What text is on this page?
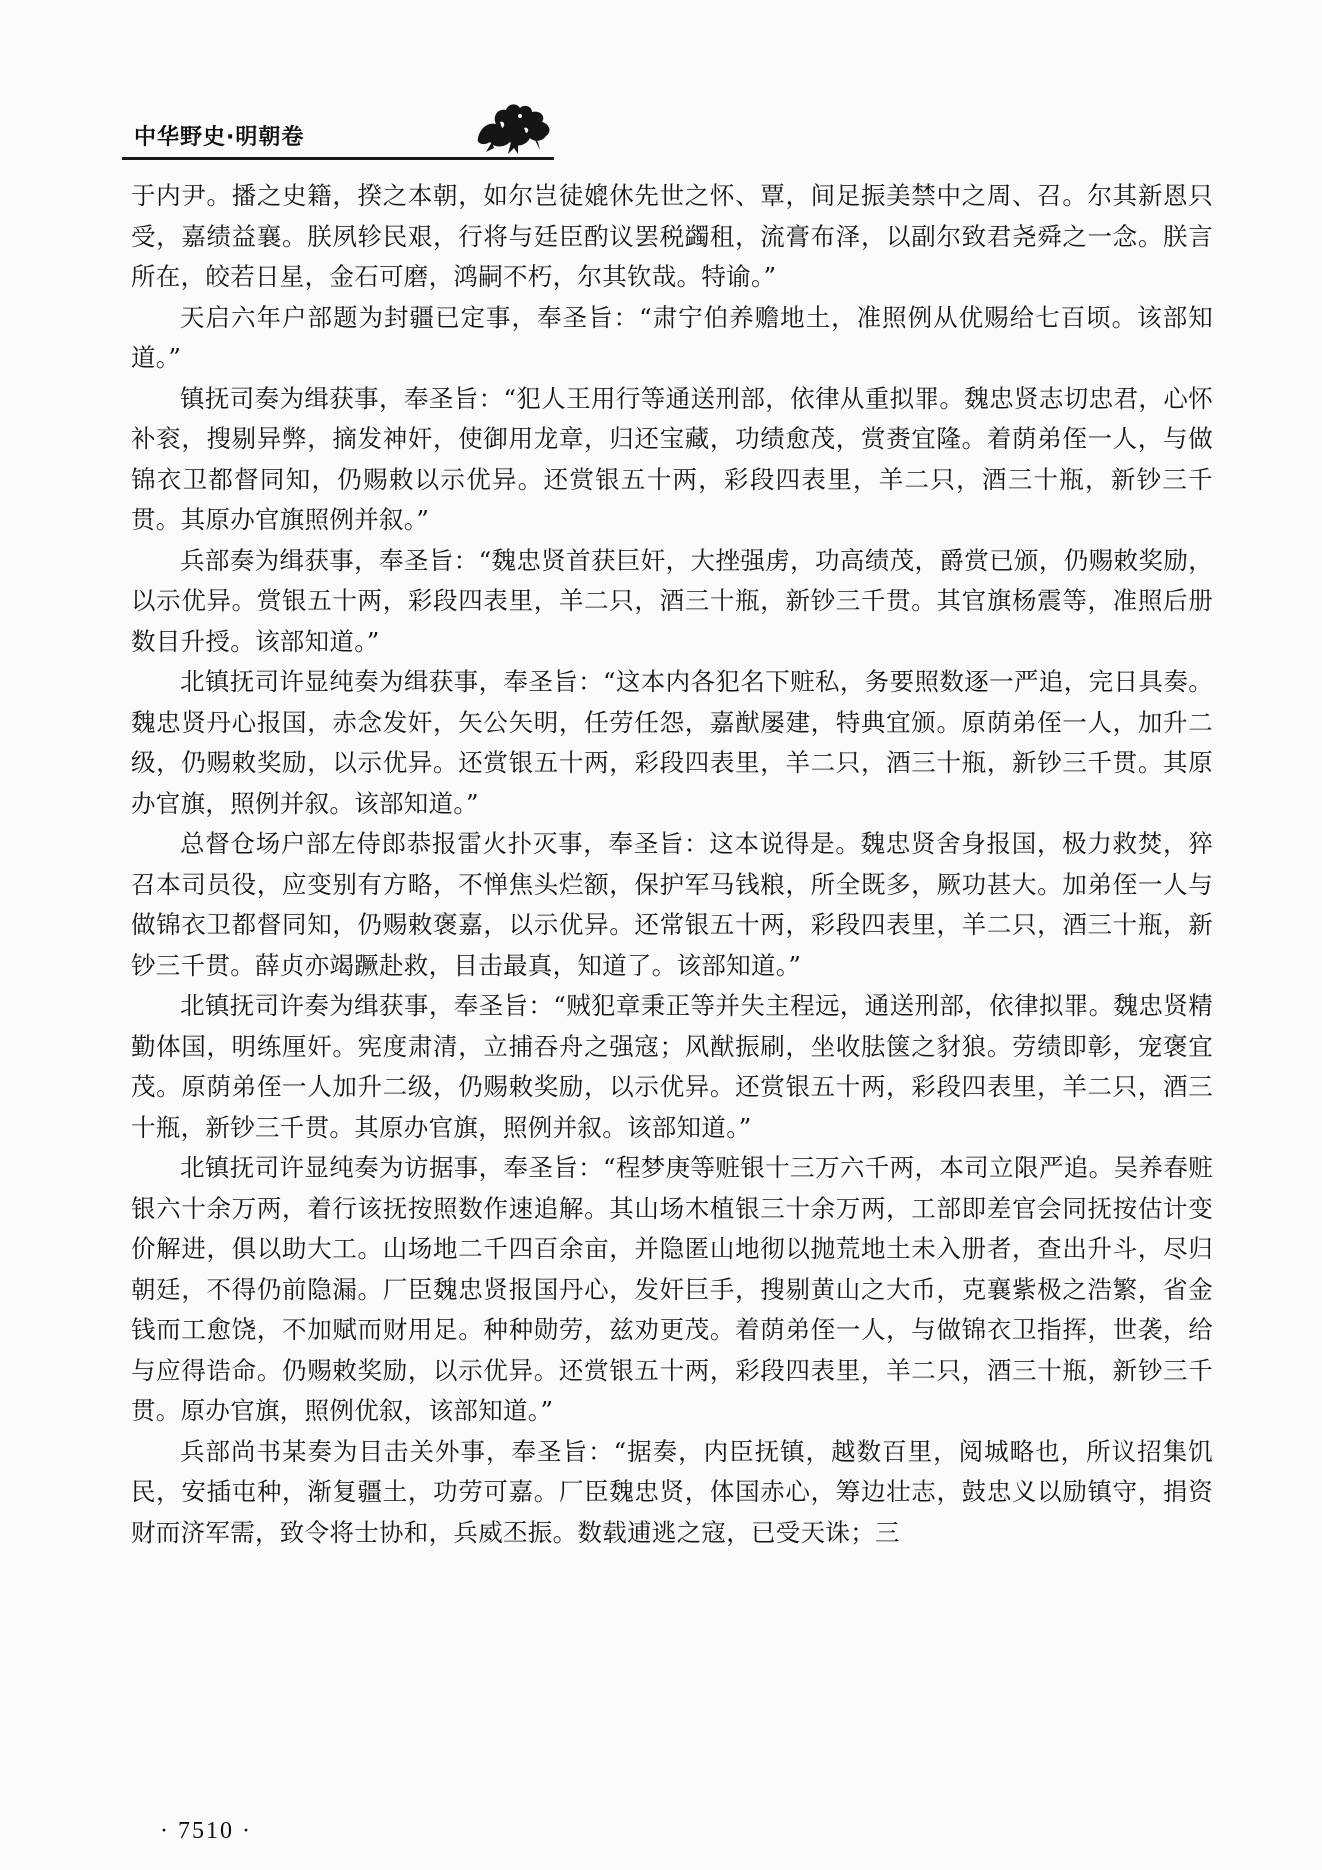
中华野史·明朝卷

于内尹。播之史籍，揆之本朝，如尔岂徒媲休先世之怀、覃，间足振美禁中之周、召。尔其新恩只受，嘉绩益襄。朕夙轸民艰，行将与廷臣酌议罢税蠲租，流膏布泽，以副尔致君尧舜之一念。朕言所在，皎若日星，金石可磨，鸿嗣不朽，尔其钦哉。特谕。”

天启六年户部题为封疆已定事，奉圣旨：“肃宁伯养赡地土，准照例从优赐给七百顷。该部知道。”

镇抚司奏为缉获事，奉圣旨：“犯人王用行等通送刑部，依律从重拟罪。魏忠贤志切忠君，心怀补衮，搜剔异弊，摘发神奸，使御用龙章，归还宝藏，功绩愈茂，赏赉宜隆。着荫弟侄一人，与做锦衣卫都督同知，仍赐敕以示优异。还赏银五十两，彩段四表里，羊二只，酒三十瓶，新钞三千贯。其原办官旗照例并叙。”

兵部奏为缉获事，奉圣旨：“魏忠贤首获巨奸，大挫强虏，功高绩茂，爵赏已颁，仍赐敕奖励，以示优异。赏银五十两，彩段四表里，羊二只，酒三十瓶，新钞三千贯。其官旗杨震等，准照后册数目升授。该部知道。”

北镇抚司许显纯奏为缉获事，奉圣旨：“这本内各犯名下赃私，务要照数逐一严追，完日具奏。魏忠贤丹心报国，赤念发奸，矢公矢明，任劳任怨，嘉猷屡建，特典宜颁。原荫弟侄一人，加升二级，仍赐敕奖励，以示优异。还赏银五十两，彩段四表里，羊二只，酒三十瓶，新钞三千贯。其原办官旗，照例并叙。该部知道。”

总督仓场户部左侍郎恭报雷火扑灭事，奉圣旨：这本说得是。魏忠贤舍身报国，极力救焚，猝召本司员役，应变别有方略，不惮焦头烂额，保护军马钱粮，所全既多，厥功甚大。加弟侄一人与做锦衣卫都督同知，仍赐敕褒嘉，以示优异。还常银五十两，彩段四表里，羊二只，酒三十瓶，新钞三千贯。薛贞亦竭蹶赴救，目击最真，知道了。该部知道。”

北镇抚司许奏为缉获事，奉圣旨：“贼犯章秉正等并失主程远，通送刑部，依律拟罪。魏忠贤精勤体国，明练厘奸。宪度肃清，立捕吞舟之强寇；风猷振刷，坐收胠箧之豺狼。劳绩即彰，宠褒宜茂。原荫弟侄一人加升二级，仍赐敕奖励，以示优异。还赏银五十两，彩段四表里，羊二只，酒三十瓶，新钞三千贯。其原办官旗，照例并叙。该部知道。”

北镇抚司许显纯奏为访据事，奉圣旨：“程梦庚等赃银十三万六千两，本司立限严追。吴养春赃银六十余万两，着行该抚按照数作速追解。其山场木植银三十余万两，工部即差官会同抚按估计变价解进，俱以助大工。山场地二千四百余亩，并隐匿山地彻以抛荒地土未入册者，查出升斗，尽归朝廷，不得仍前隐漏。厂臣魏忠贤报国丹心，发奸巨手，搜剔黄山之大币，克襄紫极之浩繁，省金钱而工愈饶，不加赋而财用足。种种勋劳，兹劝更茂。着荫弟侄一人，与做锦衣卫指挥，世袭，给与应得诰命。仍赐敕奖励，以示优异。还赏银五十两，彩段四表里，羊二只，酒三十瓶，新钞三千贯。原办官旗，照例优叙，该部知道。”

兵部尚书某奏为目击关外事，奉圣旨：“据奏，内臣抚镇，越数百里，阅城略也，所议招集饥民，安插屯种，渐复疆土，功劳可嘉。厂臣魏忠贤，体国赤心，筹边壮志，鼓忠义以励镇守，捐资财而济军需，致令将士协和，兵威丕振。数载逋逃之寇，已受天诛；三

· 7510 ·
